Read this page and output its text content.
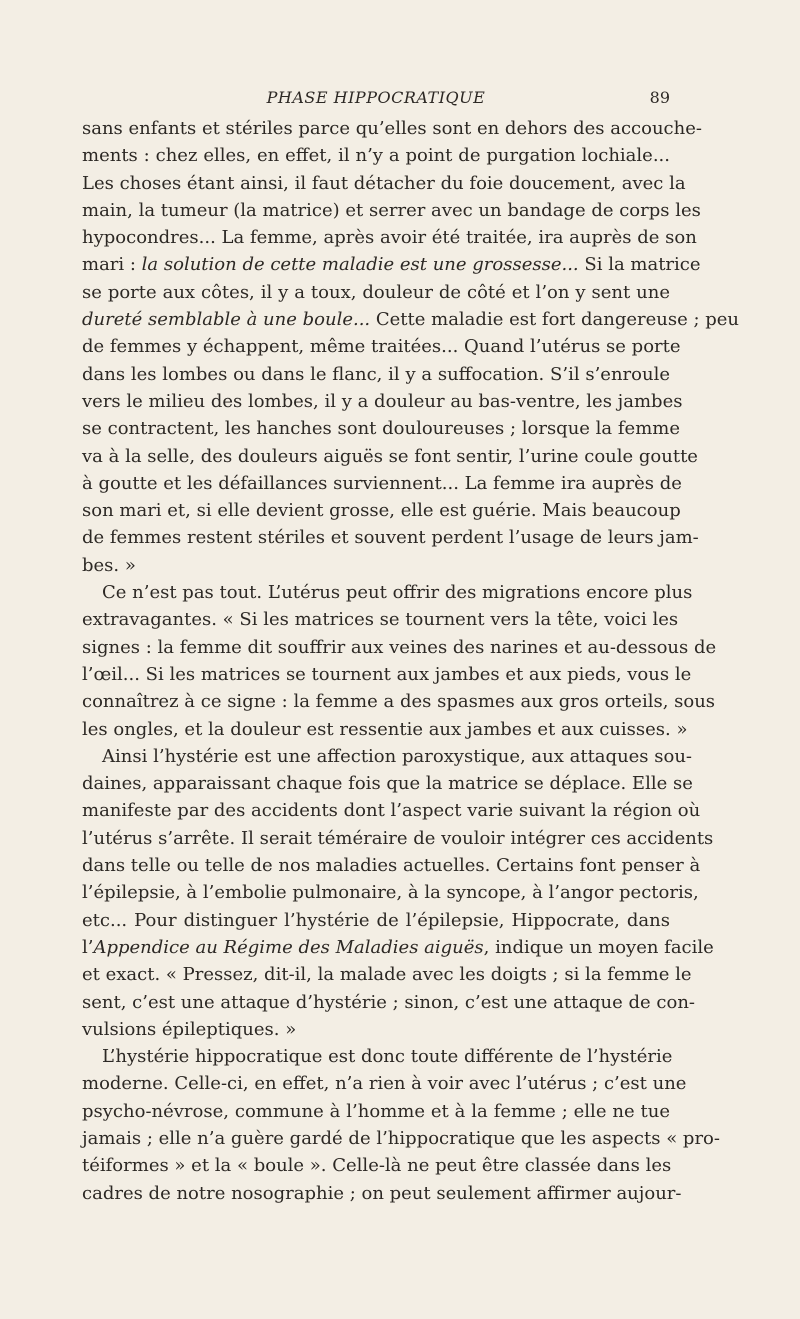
PHASE HIPPOCRATIQUE	89
sans enfants et stériles parce qu’elles sont en dehors des accouche-
ments : chez elles, en effet, il n’y a point de purgation lochiale...
Les choses étant ainsi, il faut détacher du foie doucement, avec la
main, la tumeur (la matrice) et serrer avec un bandage de corps les
hypocondres... La femme, après avoir été traitée, ira auprès de son
mari : la solution de cette maladie est une grossesse... Si la matrice
se porte aux côtes, il y a toux, douleur de côté et l’on y sent une
dureté semblable à une boule... Cette maladie est fort dangereuse ; peu
de femmes y échappent, même traitées... Quand l’utérus se porte
dans les lombes ou dans le flanc, il y a suffocation. S’il s’enroule
vers le milieu des lombes, il y a douleur au bas-ventre, les jambes
se contractent, les hanches sont douloureuses ; lorsque la femme
va à la selle, des douleurs aiguës se font sentir, l’urine coule goutte
à goutte et les défaillances surviennent... La femme ira auprès de
son mari et, si elle devient grosse, elle est guérie. Mais beaucoup
de femmes restent stériles et souvent perdent l’usage de leurs jam-
bes. »
Ce n’est pas tout. L’utérus peut offrir des migrations encore plus
extravagantes. « Si les matrices se tournent vers la tête, voici les
signes : la femme dit souffrir aux veines des narines et au-dessous de
l’œil... Si les matrices se tournent aux jambes et aux pieds, vous le
connaîtrez à ce signe : la femme a des spasmes aux gros orteils, sous
les ongles, et la douleur est ressentie aux jambes et aux cuisses. »
Ainsi l’hystérie est une affection paroxystique, aux attaques sou-
daines, apparaissant chaque fois que la matrice se déplace. Elle se
manifeste par des accidents dont l’aspect varie suivant la région où
l’utérus s’arrête. Il serait téméraire de vouloir intégrer ces accidents
dans telle ou telle de nos maladies actuelles. Certains font penser à
l’épilepsie, à l’embolie pulmonaire, à la syncope, à l’angor pectoris,
etc... Pour distinguer l’hystérie de l’épilepsie, Hippocrate, dans
l’Appendice au Régime des Maladies aiguës, indique un moyen facile
et exact. « Pressez, dit-il, la malade avec les doigts ; si la femme le
sent, c’est une attaque d’hystérie ; sinon, c’est une attaque de con-
vulsions épileptiques. »
L’hystérie hippocratique est donc toute différente de l’hystérie
moderne. Celle-ci, en effet, n’a rien à voir avec l’utérus ; c’est une
psycho-névrose, commune à l’homme et à la femme ; elle ne tue
jamais ; elle n’a guère gardé de l’hippocratique que les aspects « pro-
téiformes » et la « boule ». Celle-là ne peut être classée dans les
cadres de notre nosographie ; on peut seulement affirmer aujour-
